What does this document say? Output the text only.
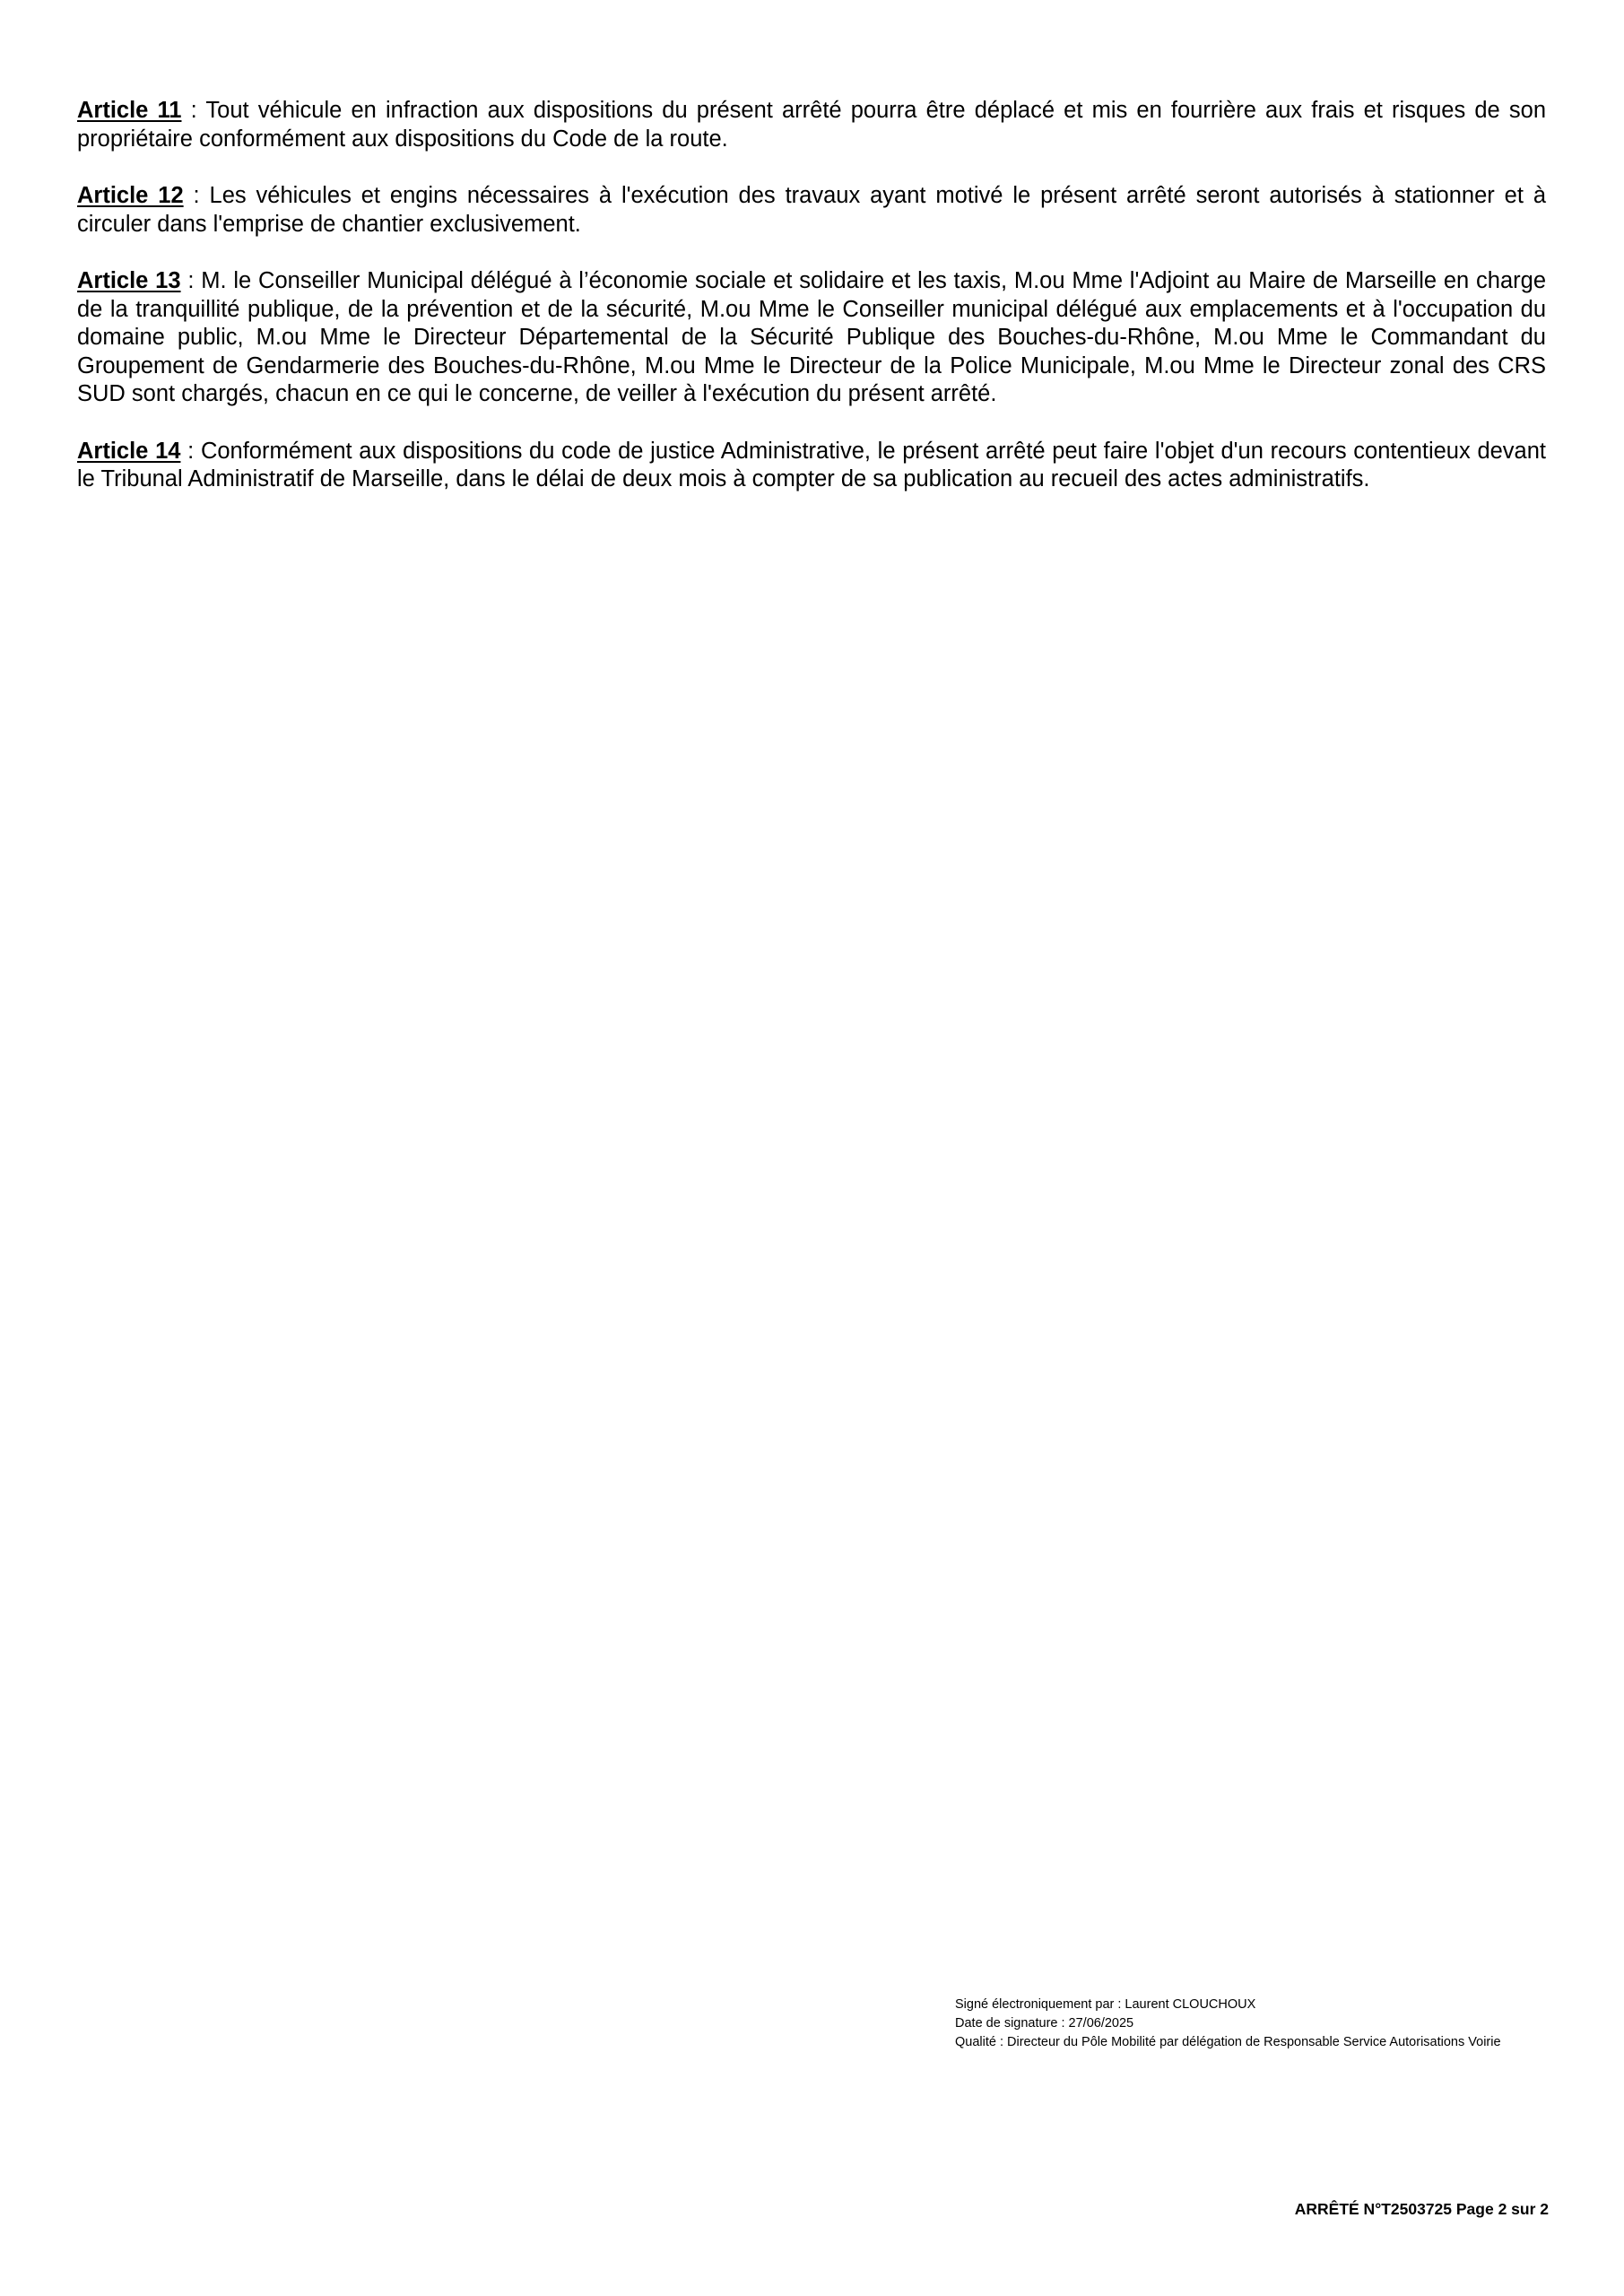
Article 11 : Tout véhicule en infraction aux dispositions du présent arrêté pourra être déplacé et mis en fourrière aux frais et risques de son propriétaire conformément aux dispositions du Code de la route.

Article 12 : Les véhicules et engins nécessaires à l'exécution des travaux ayant motivé le présent arrêté seront autorisés à stationner et à circuler dans l'emprise de chantier exclusivement.

Article 13 : M. le Conseiller Municipal délégué à l’économie sociale et solidaire et les taxis, M.ou Mme l'Adjoint au Maire de Marseille en charge de la tranquillité publique, de la prévention et de la sécurité, M.ou Mme le Conseiller municipal délégué aux emplacements et à l'occupation du domaine public, M.ou Mme le Directeur Départemental de la Sécurité Publique des Bouches-du-Rhône, M.ou Mme le Commandant du Groupement de Gendarmerie des Bouches-du-Rhône, M.ou Mme le Directeur de la Police Municipale, M.ou Mme le Directeur zonal des CRS SUD sont chargés, chacun en ce qui le concerne, de veiller à l'exécution du présent arrêté.

Article 14 : Conformément aux dispositions du code de justice Administrative, le présent arrêté peut faire l'objet d'un recours contentieux devant le Tribunal Administratif de Marseille, dans le délai de deux mois à compter de sa publication au recueil des actes administratifs.

Signé électroniquement par : Laurent CLOUCHOUX
Date de signature : 27/06/2025
Qualité : Directeur du Pôle Mobilité par délégation de Responsable Service Autorisations Voirie
ARRÊTÉ N°T2503725 Page 2 sur 2
